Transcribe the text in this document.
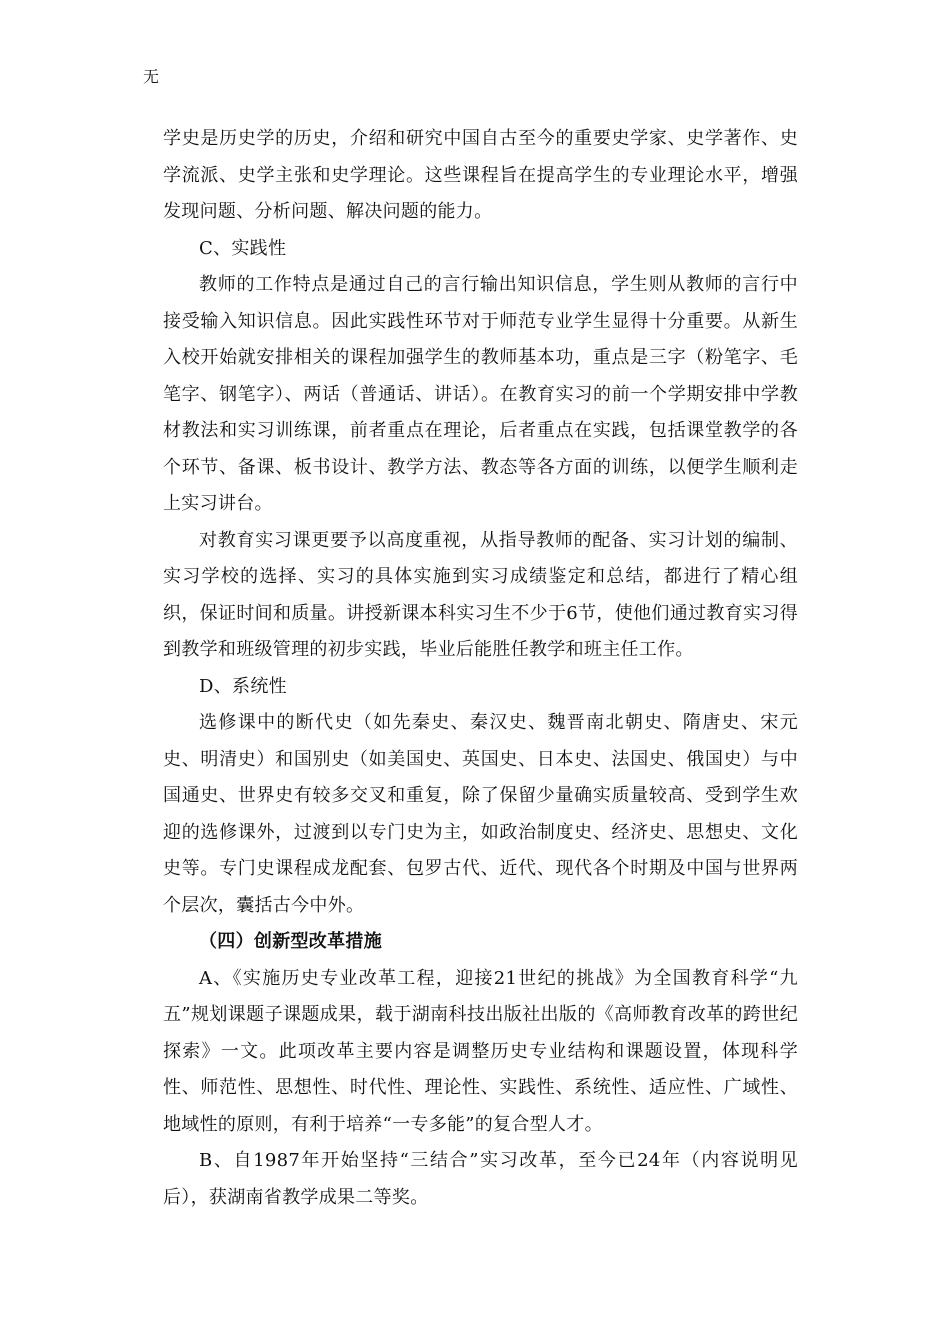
无

学史是历史学的历史，介绍和研究中国自古至今的重要史学家、史学著作、史学流派、史学主张和史学理论。这些课程旨在提高学生的专业理论水平，增强发现问题、分析问题、解决问题的能力。

C、实践性

教师的工作特点是通过自己的言行输出知识信息，学生则从教师的言行中接受输入知识信息。因此实践性环节对于师范专业学生显得十分重要。从新生入校开始就安排相关的课程加强学生的教师基本功，重点是三字（粉笔字、毛笔字、钢笔字）、两话（普通话、讲话）。在教育实习的前一个学期安排中学教材教法和实习训练课，前者重点在理论，后者重点在实践，包括课堂教学的各个环节、备课、板书设计、教学方法、教态等各方面的训练，以便学生顺利走上实习讲台。

对教育实习课更要予以高度重视，从指导教师的配备、实习计划的编制、实习学校的选择、实习的具体实施到实习成绩鉴定和总结，都进行了精心组织，保证时间和质量。讲授新课本科实习生不少于6节，使他们通过教育实习得到教学和班级管理的初步实践，毕业后能胜任教学和班主任工作。

D、系统性

选修课中的断代史（如先秦史、秦汉史、魏晋南北朝史、隋唐史、宋元史、明清史）和国别史（如美国史、英国史、日本史、法国史、俄国史）与中国通史、世界史有较多交叉和重复，除了保留少量确实质量较高、受到学生欢迎的选修课外，过渡到以专门史为主，如政治制度史、经济史、思想史、文化史等。专门史课程成龙配套、包罗古代、近代、现代各个时期及中国与世界两个层次，囊括古今中外。

（四）创新型改革措施

A、《实施历史专业改革工程，迎接21世纪的挑战》为全国教育科学“九五”规划课题子课题成果，载于湖南科技出版社出版的《高师教育改革的跨世纪探索》一文。此项改革主要内容是调整历史专业结构和课题设置，体现科学性、师范性、思想性、时代性、理论性、实践性、系统性、适应性、广域性、地域性的原则，有利于培养“一专多能”的复合型人才。

B、自1987年开始坚持“三结合”实习改革，至今已24年（内容说明见后），获湖南省教学成果二等奖。
